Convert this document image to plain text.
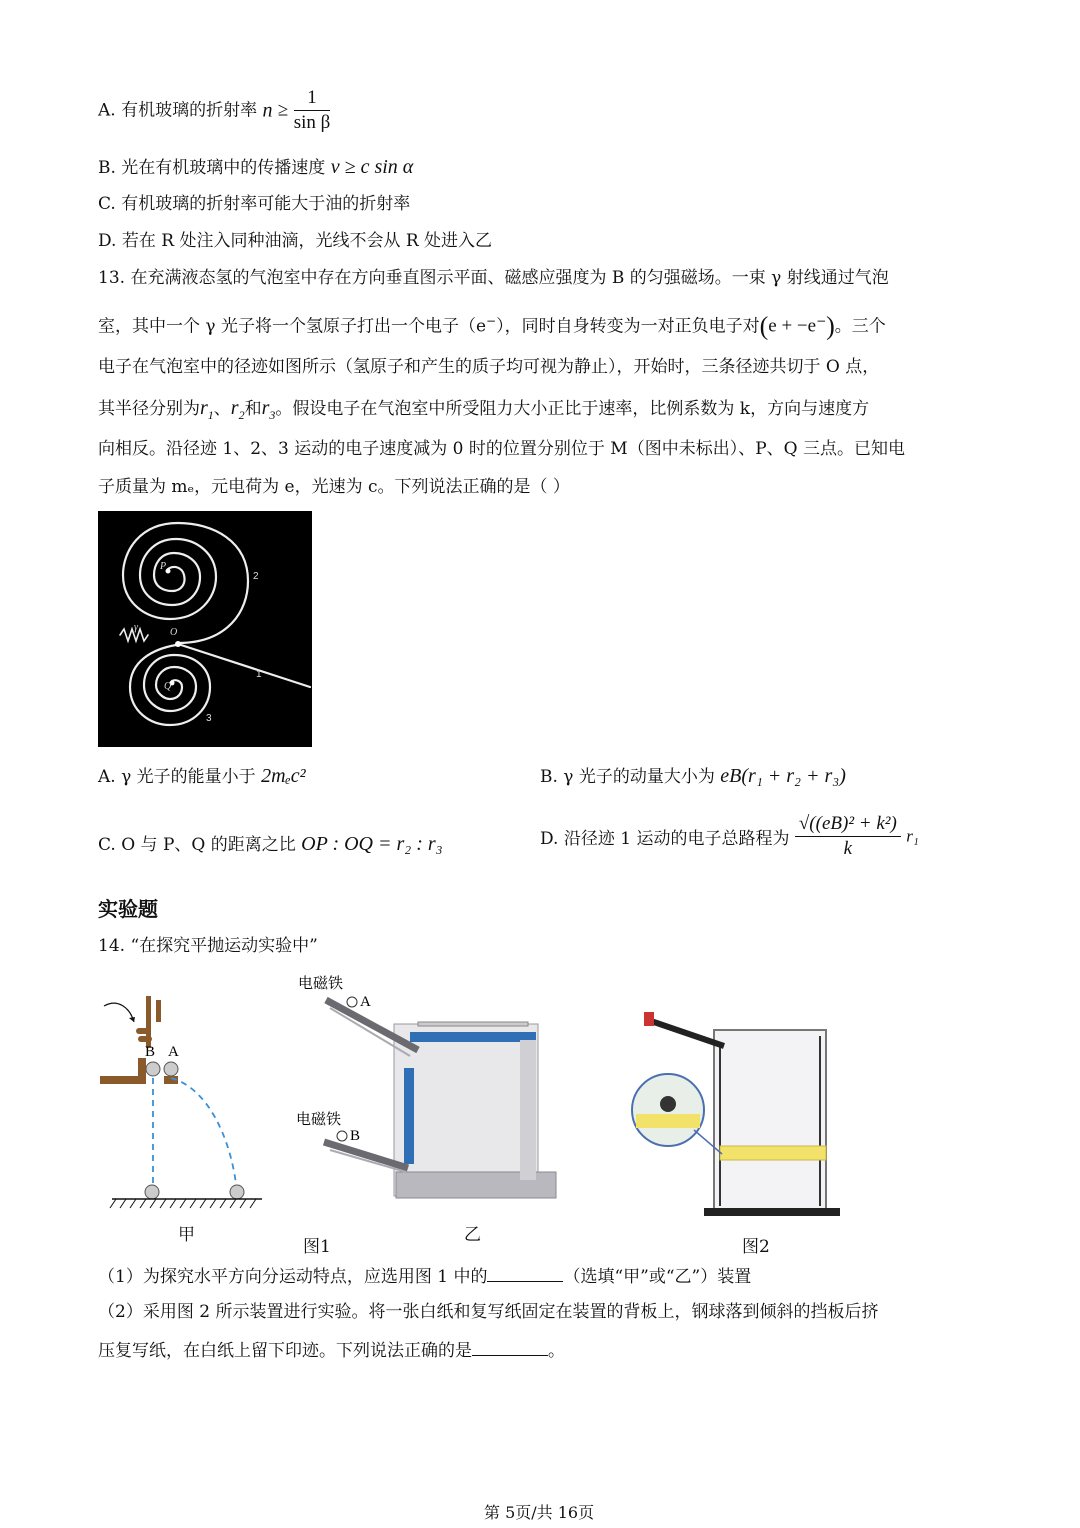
A. 有机玻璃的折射率 $n \ge \frac{1}{\text{sin β}}$
B. 光在有机玻璃中的传播速度 v ≥ c sin α
C. 有机玻璃的折射率可能大于油的折射率
D. 若在 R 处注入同种油滴，光线不会从 R 处进入乙
13. 在充满液态氢的气泡室中存在方向垂直图示平面、磁感应强度为 B 的匀强磁场。一束 γ 射线通过气泡
室，其中一个 γ 光子将一个氢原子打出一个电子（e−），同时自身转变为一对正负电子对(e + −e−)。三个
电子在气泡室中的径迹如图所示（氢原子和产生的质子均可视为静止），开始时，三条径迹共切于 O 点，
其半径分别为$r_1$、$r_2$和$r_3$。假设电子在气泡室中所受阻力大小正比于速率，比例系数为 k，方向与速度方
向相反。沿径迹 1、2、3 运动的电子速度减为 0 时的位置分别位于 M（图中未标出）、P、Q 三点。已知电
子质量为 mₑ，元电荷为 e，光速为 c。下列说法正确的是（ ）
O
γ
P
Q
1
2
3
A. γ 光子的能量小于 2mₑc²	B. γ 光子的动量大小为 eB(r₁ + r₂ + r₃)
C. O 与 P、Q 的距离之比 OP : OQ = r₂ : r₃	D. 沿径迹 1 运动的电子总路程为 $\frac{\text{√((eB)² + k²)}}{k} r_1$
实验题
14. “在探究平抛运动实验中”
B A
甲
电磁铁
A
电磁铁
B
乙
图1	图2
（1）为探究水平方向分运动特点，应选用图 1 中的	（选填“甲”或“乙”）装置
（2）采用图 2 所示装置进行实验。将一张白纸和复写纸固定在装置的背板上，钢球落到倾斜的挡板后挤
压复写纸，在白纸上留下印迹。下列说法正确的是	。
第 5页/共 16页
